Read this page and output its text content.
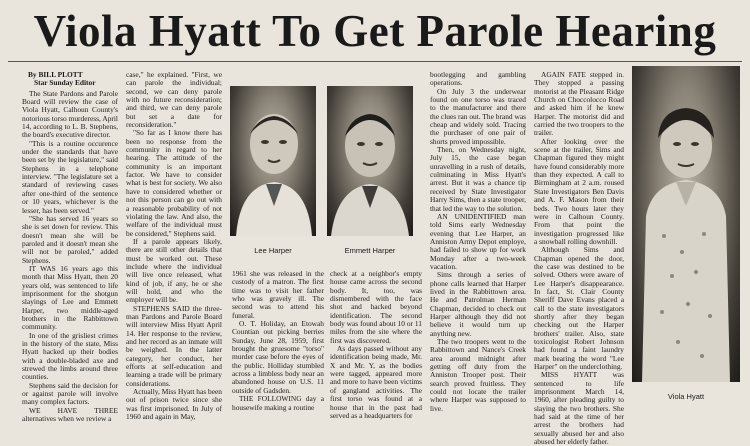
Viola Hyatt To Get Parole Hearing

By BILL PLOTT

Star Sunday Editor

The State Pardons and Parole Board will review the case of Viola Hyatt, Calhoun County's notorious torso murderess, April 14, according to L. B. Stephens, the board's executive director.

"This is a routine occurence under the standards that have been set by the legislature," said Stephens in a telephone interview. "The legislature set a standard of reviewing cases after one-third of the sentence or 10 years, whichever is the lesser, has been served."

"She has served 16 years so she is set down for review. This doesn't mean she will be paroled and it doesn't mean she will not be paroled," added Stephens.

IT WAS 16 years ago this month that Miss Hyatt, then 20 years old, was sentenced to life imprisonment for the shotgun slayings of Lee and Emmett Harper, two middle-aged brothers in the Rabbittown community.

In one of the grisliest crimes in the history of the state, Miss Hyatt hacked up their bodies with a double-bladed axe and strewed the limbs around three counties.

Stephens said the decision for or against parole will involve many complex factors.

WE HAVE THREE alternatives when we review a

case," he explained. "First, we can parole the individual; second, we can deny parole with no future reconsideration; and third, we can deny parole but set a date for reconsideration."

"So far as I know there has been no response from the community in regard to her hearing. The attitude of the community is an important factor. We have to consider what is best for society. We also have to considered whether or not this person can go out with a reasonable probability of not violating the law. And also, the welfare of the individual must be considered," Stephens said.

If a parole appears likely, there are still other details that must be worked out. These include where the individual will live once released, what kind of job, if any, he or she will hold, and who the employer will be.

STEPHENS SAID the three-man Pardons and Parole Board will interview Miss Hyatt April 14. Her response to the review, and her record as an inmate will be weighed. In the latter category, her conduct, her efforts at self-education and learning a trade will be primary considerations.

Actually, Miss Hyatt has been out of prison twice since she was first imprisoned. In July of 1960 and again in May,

Lee Harper	Emmett Harper

1961 she was released in the custody of a matron. The first time was to visit her father who was gravely ill. The second was to attend his funeral.

O. T. Holiday, an Etowah Countian out picking berries Sunday, June 28, 1959, first brought the gruesome "torso" murder case before the eyes of the public. Holliday stumbled across a limbless body near an abandoned house on U.S. 11 outside of Gadsden.

THE FOLLOWING day a housewife making a routine

check at a neighbor's empty house came across the second body. It, too, was dismembered with the face shot and hacked beyond identification. The second body was found about 10 or 11 miles from the site where the first was discovered.

As days passed without any identification being made, Mr. X and Mr. Y, as the bodies were tagged, appeared more and more to have been victims of gangland activities. The first torso was found at a house that in the past had served as a headquarters for

bootlegging and gambling operations.

On July 3 the underwear found on one torso was traced to the manufacturer and there the clues ran out. The brand was cheap and widely sold. Tracing the purchaser of one pair of shorts proved impossible.

Then, on Wednesday night, July 15, the case began unravelling in a rush of details, culminating in Miss Hyatt's arrest. But it was a chance tip received by State Investigator Harry Sims, then a state trooper, that led the way to the solution.

AN UNIDENTIFIED man told Sims early Wednesday evening that Lee Harper, an Anniston Army Depot employe, had failed to show up for work Monday after a two-week vacation.

Sims through a series of phone calls learned that Harper lived in the Rabbittown area. He and Patrolman Herman Chapman, decided to check out Harper although they did not believe it would turn up anything new.

The two troopers went to the Rabbittown and Nance's Creek area around midnight after getting off duty from the Anniston Trooper post. Their search proved fruitless. They could not locate the trailer where Harper was supposed to live.

AGAIN FATE stepped in. They stopped a passing motorist at the Pleasant Ridge Church on Choccolocco Road and asked him if he knew Harper. The motorist did and carried the two troopers to the trailer.

After looking over the scene at the trailer, Sims and Chapman figured they might have found considerably more than they expected. A call to Birmingham at 2 a.m. roused State Investigators Ben Davis and A. F. Mason from their beds. Two hours later they were in Calhoun County. From that point the investigation progressed like a snowball rolling downhill.

Although Sims and Chapman opened the door, the case was destined to be solved. Others were aware of Lee Harper's disappearance. In fact, St. Clair County Sheriff Dave Evans placed a call to the state investigators shortly after they began checking out the Harper brothers' trailer. Also, state toxicologist Robert Johnson had found a faint laundry mark bearing the word "Lee Harper" on the underclothing.

MISS HYATT was sentenced to life imprisonment March 14, 1960, after pleading guilty to slaying the two brothers. She had said at the time of her arrest the brothers had sexually abused her and also abused her elderly father.

Viola Hyatt
